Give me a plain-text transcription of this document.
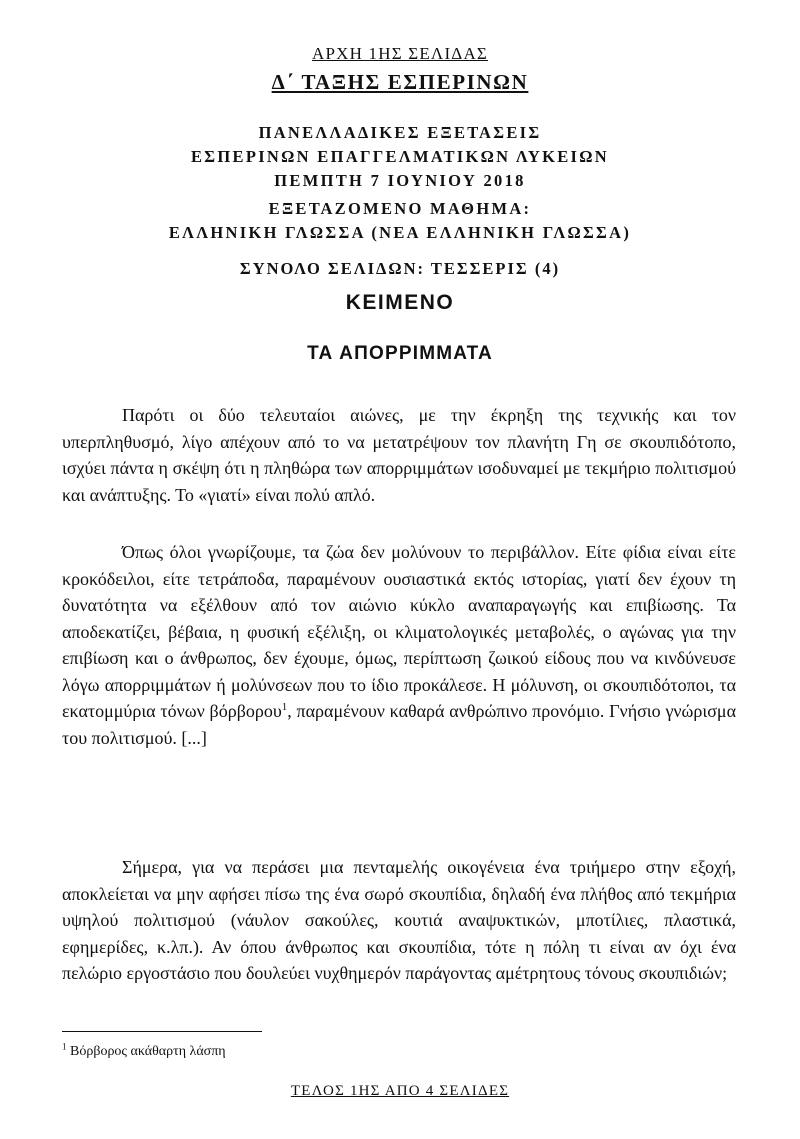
ΑΡΧΗ 1ΗΣ ΣΕΛΙΔΑΣ
Δ΄ ΤΑΞΗΣ ΕΣΠΕΡΙΝΩΝ
ΠΑΝΕΛΛΑΔΙΚΕΣ ΕΞΕΤΑΣΕΙΣ
ΕΣΠΕΡΙΝΩΝ ΕΠΑΓΓΕΛΜΑΤΙΚΩΝ ΛΥΚΕΙΩΝ
ΠΕΜΠΤΗ 7 ΙΟΥΝΙΟΥ 2018
ΕΞΕΤΑΖΟΜΕΝΟ ΜΑΘΗΜΑ:
ΕΛΛΗΝΙΚΗ ΓΛΩΣΣΑ (ΝΕΑ ΕΛΛΗΝΙΚΗ ΓΛΩΣΣΑ)
ΣΥΝΟΛΟ ΣΕΛΙΔΩΝ: ΤΕΣΣΕΡΙΣ (4)
ΚΕΙΜΕΝΟ
ΤΑ ΑΠΟΡΡΙΜΜΑΤΑ

Παρότι οι δύο τελευταίοι αιώνες, με την έκρηξη της τεχνικής και τον υπερπληθυσμό, λίγο απέχουν από το να μετατρέψουν τον πλανήτη Γη σε σκουπιδότοπο, ισχύει πάντα η σκέψη ότι η πληθώρα των απορριμμάτων ισοδυναμεί με τεκμήριο πολιτισμού και ανάπτυξης. Το «γιατί» είναι πολύ απλό.

Όπως όλοι γνωρίζουμε, τα ζώα δεν μολύνουν το περιβάλλον. Είτε φίδια είναι είτε κροκόδειλοι, είτε τετράποδα, παραμένουν ουσιαστικά εκτός ιστορίας, γιατί δεν έχουν τη δυνατότητα να εξέλθουν από τον αιώνιο κύκλο αναπαραγωγής και επιβίωσης. Τα αποδεκατίζει, βέβαια, η φυσική εξέλιξη, οι κλιματολογικές μεταβολές, ο αγώνας για την επιβίωση και ο άνθρωπος, δεν έχουμε, όμως, περίπτωση ζωικού είδους που να κινδύνευσε λόγω απορριμμάτων ή μολύνσεων που το ίδιο προκάλεσε. Η μόλυνση, οι σκουπιδότοποι, τα εκατομμύρια τόνων βόρβορου$^1$, παραμένουν καθαρά ανθρώπινο προνόμιο. Γνήσιο γνώρισμα του πολιτισμού. [...]

Σήμερα, για να περάσει μια πενταμελής οικογένεια ένα τριήμερο στην εξοχή, αποκλείεται να μην αφήσει πίσω της ένα σωρό σκουπίδια, δηλαδή ένα πλήθος από τεκμήρια υψηλού πολιτισμού (νάυλον σακούλες, κουτιά αναψυκτικών, μποτίλιες, πλαστικά, εφημερίδες, κ.λπ.). Αν όπου άνθρωπος και σκουπίδια, τότε η πόλη τι είναι αν όχι ένα πελώριο εργοστάσιο που δουλεύει νυχθημερόν παράγοντας αμέτρητους τόνους σκουπιδιών;

$^1$ Βόρβορος ακάθαρτη λάσπη
ΤΕΛΟΣ 1ΗΣ ΑΠΟ 4 ΣΕΛΙΔΕΣ
